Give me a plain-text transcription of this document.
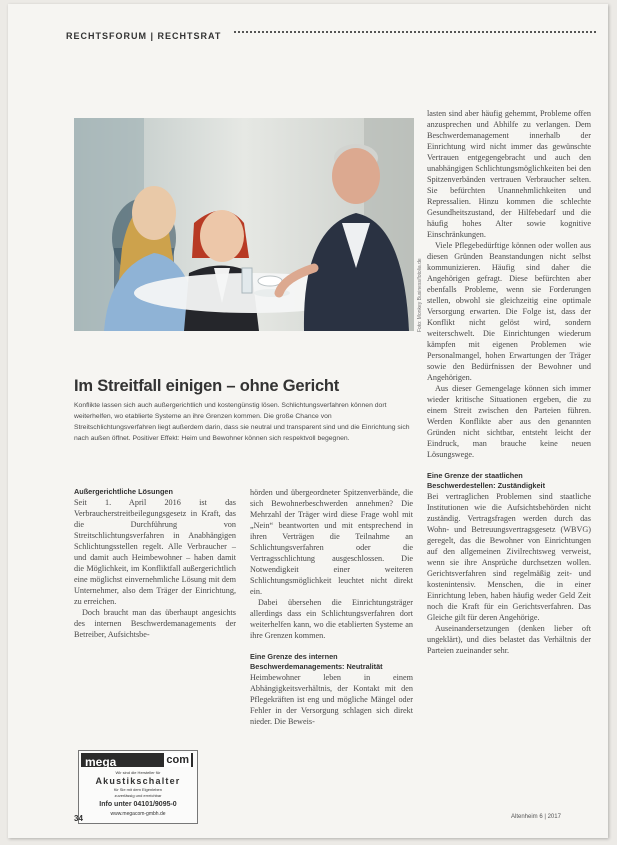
RECHTSFORUM | RECHTSRAT
Foto: Monkey Business/fotolia.de
Im Streitfall einigen – ohne Gericht
Konflikte lassen sich auch außergerichtlich und kostengünstig lösen. Schlichtungsverfahren können dort weiterhelfen, wo etablierte Systeme an ihre Grenzen kommen. Die große Chance von Streitschlichtungsverfahren liegt außerdem darin, dass sie neutral und transparent sind und die Einrichtung sich nach außen öffnet. Positiver Effekt: Heim und Bewohner können sich respektvoll begegnen.
Außergerichtliche Lösungen

Seit 1. April 2016 ist das Verbraucherstreitbeilegungsgesetz in Kraft, das die Durchführung von Streitschlichtungsverfahren in Anabhängigen Schlichtungsstellen regelt. Alle Verbraucher – und damit auch Heimbewohner – haben damit die Möglichkeit, im Konfliktfall außergerichtlich eine möglichst einvernehmliche Lösung mit dem Unternehmer, also dem Träger der Einrichtung, zu erreichen.

Doch braucht man das überhaupt angesichts des internen Beschwerdemanagements der Betreiber, Aufsichtsbe-

hörden und übergeordneter Spitzenverbände, die sich Bewohnerbeschwerden annehmen? Die Mehrzahl der Träger wird diese Frage wohl mit „Nein“ beantworten und mit entsprechend in ihren Verträgen die Teilnahme an Schlichtungsverfahren oder die Vertragsschlichtung ausgeschlossen. Die Notwendigkeit einer weiteren Schlichtungsmöglichkeit leuchtet nicht direkt ein.

Dabei übersehen die Einrichtungsträger allerdings dass ein Schlichtungsverfahren dort weiterhelfen kann, wo die etablierten Systeme an ihre Grenzen kommen.

Eine Grenze des internen Beschwerdemanagements: Neutralität

Heimbewohner leben in einem Abhängigkeitsverhältnis, der Kontakt mit den Pflegekräften ist eng und mögliche Mängel oder Fehler in der Versorgung schlagen sich direkt nieder. Die Beweis-

lasten sind aber häufig gehemmt, Probleme offen anzusprechen und Abhilfe zu verlangen. Dem Beschwerdemanagement innerhalb der Einrichtung wird nicht immer das gewünschte Vertrauen entgegengebracht und auch den unabhängigen Schlichtungsmöglichkeiten bei den Spitzenverbänden vertrauen Verbraucher selten. Sie befürchten Unannehmlichkeiten und Repressalien. Hinzu kommen die schlechte Gesundheitszustand, der Hilfebedarf und die häufig hohes Alter sowie kognitive Einschränkungen.

Viele Pflegebedürftige können oder wollen aus diesen Gründen Beanstandungen nicht selbst kommunizieren. Häufig sind daher die Angehörigen gefragt. Diese befürchten aber ebenfalls Probleme, wenn sie Forderungen stellen, obwohl sie gleichzeitig eine optimale Versorgung erwarten. Die Folge ist, dass der Konflikt nicht gelöst wird, sondern weiterschwelt. Die Einrichtungen wiederum kämpfen mit eigenen Problemen wie Personalmangel, hohen Erwartungen der Träger sowie den Bedürfnissen der Bewohner und Angehörigen.

Aus dieser Gemengelage können sich immer wieder kritische Situationen ergeben, die zu einem Streit zwischen den Parteien führen. Werden Konflikte aber aus den genannten Gründen nicht sichtbar, entsteht leicht der Eindruck, man brauche keine neuen Lösungswege.

Eine Grenze der staatlichen Beschwerdestellen: Zuständigkeit

Bei vertraglichen Problemen sind staatliche Institutionen wie die Aufsichtsbehörden nicht zuständig. Vertragsfragen werden durch das Wohn- und Betreuungsvertragsgesetz (WBVG) geregelt, das die Bewohner von Einrichtungen auf den allgemeinen Zivilrechtsweg verweist, wenn sie ihre Ansprüche durchsetzen wollen. Gerichtsverfahren sind regelmäßig zeit- und kostenintensiv. Menschen, die in einer Einrichtung leben, haben häufig weder Geld Zeit noch die Kraft für ein Gerichtsverfahren. Das Gleiche gilt für deren Angehörige.

Auseinandersetzungen (denken lieber oft ungeklärt), und dies belastet das Verhältnis der Parteien zueinander sehr.

mega	com
Wir sind die Hersteller für
Akustikschalter
für Sie mit dem Eigenleben
zuverlässig und erreichbar
Info unter 04101/9095-0
www.megacom-gmbh.de
34	Altenheim 6 | 2017
